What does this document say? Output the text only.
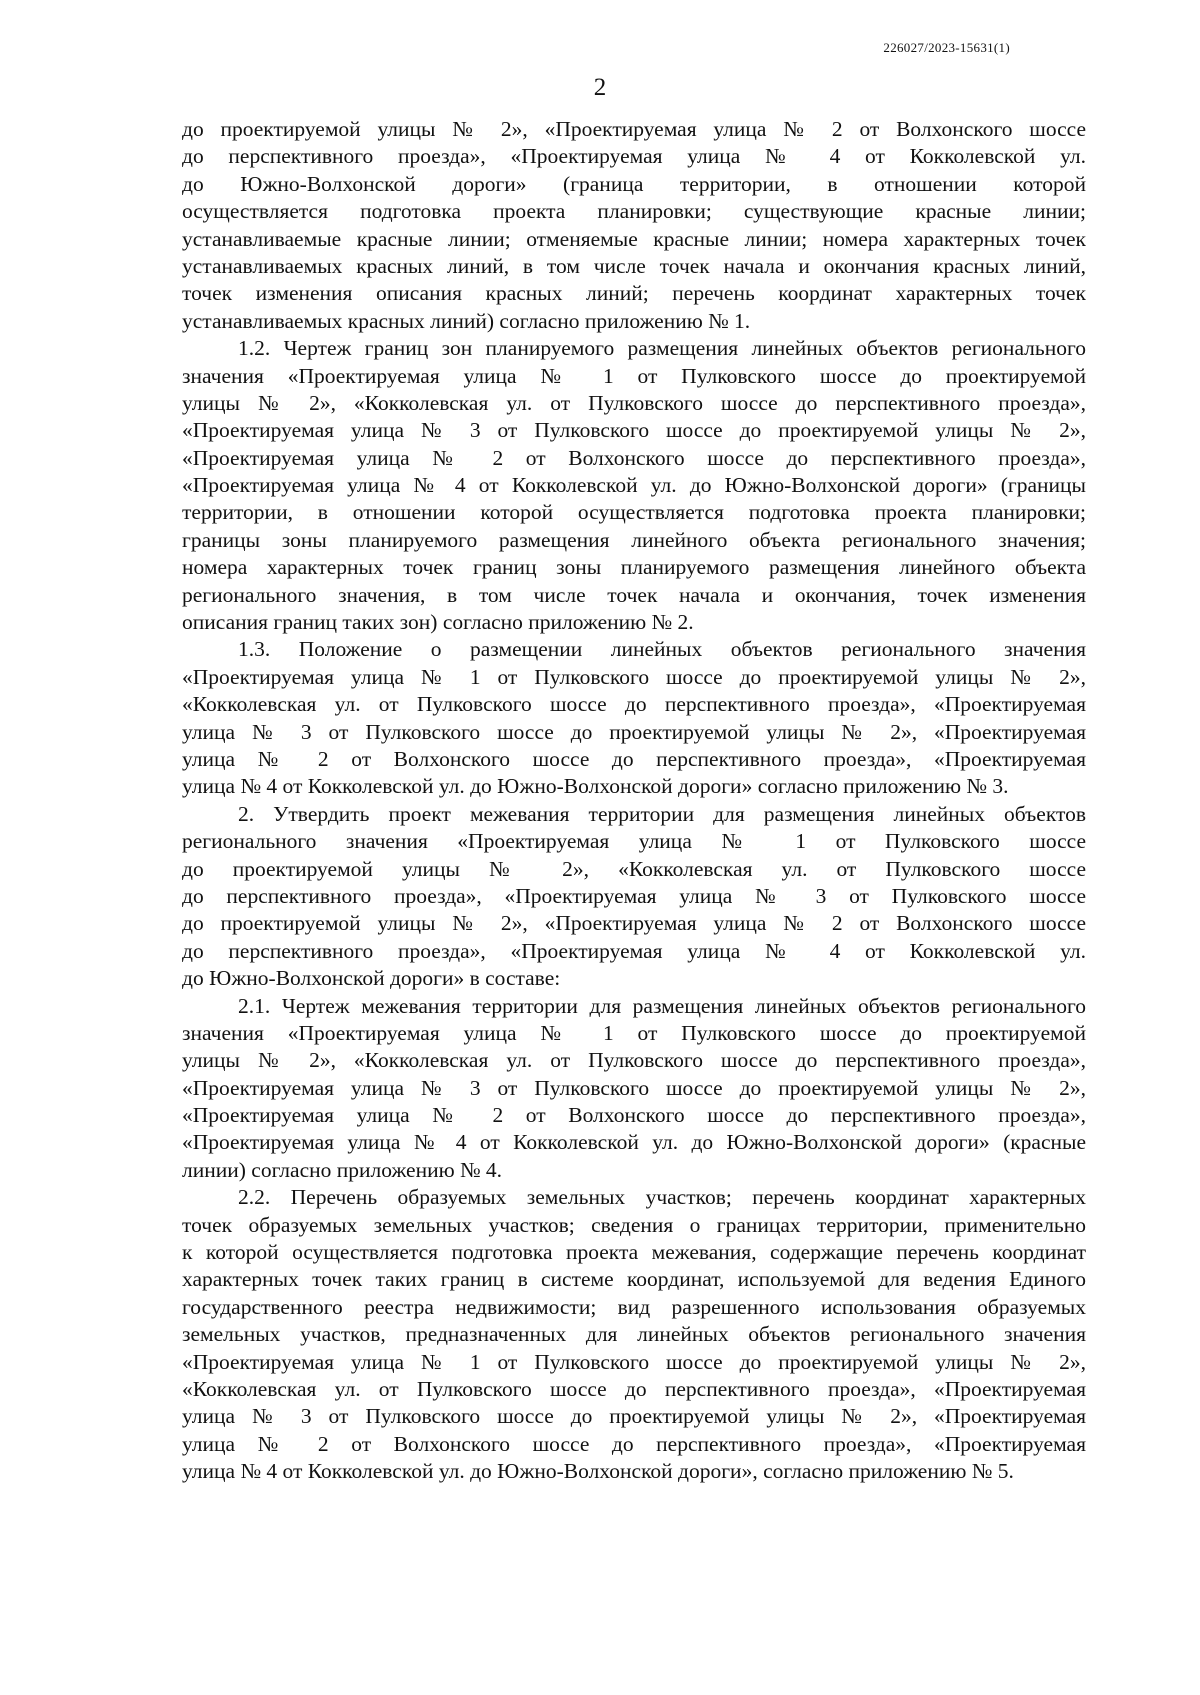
226027/2023-15631(1)
2
до проектируемой улицы № 2», «Проектируемая улица № 2 от Волхонского шоссе
до перспективного проезда», «Проектируемая улица № 4 от Кокколевской ул.
до Южно-Волхонской дороги» (граница территории, в отношении которой
осуществляется подготовка проекта планировки; существующие красные линии;
устанавливаемые красные линии; отменяемые красные линии; номера характерных точек
устанавливаемых красных линий, в том числе точек начала и окончания красных линий,
точек изменения описания красных линий; перечень координат характерных точек
устанавливаемых красных линий) согласно приложению № 1.
1.2. Чертеж границ зон планируемого размещения линейных объектов регионального
значения «Проектируемая улица № 1 от Пулковского шоссе до проектируемой
улицы № 2», «Кокколевская ул. от Пулковского шоссе до перспективного проезда»,
«Проектируемая улица № 3 от Пулковского шоссе до проектируемой улицы № 2»,
«Проектируемая улица № 2 от Волхонского шоссе до перспективного проезда»,
«Проектируемая улица № 4 от Кокколевской ул. до Южно-Волхонской дороги» (границы
территории, в отношении которой осуществляется подготовка проекта планировки;
границы зоны планируемого размещения линейного объекта регионального значения;
номера характерных точек границ зоны планируемого размещения линейного объекта
регионального значения, в том числе точек начала и окончания, точек изменения
описания границ таких зон) согласно приложению № 2.
1.3. Положение о размещении линейных объектов регионального значения
«Проектируемая улица № 1 от Пулковского шоссе до проектируемой улицы № 2»,
«Кокколевская ул. от Пулковского шоссе до перспективного проезда», «Проектируемая
улица № 3 от Пулковского шоссе до проектируемой улицы № 2», «Проектируемая
улица № 2 от Волхонского шоссе до перспективного проезда», «Проектируемая
улица № 4 от Кокколевской ул. до Южно-Волхонской дороги» согласно приложению № 3.
2. Утвердить проект межевания территории для размещения линейных объектов
регионального значения «Проектируемая улица № 1 от Пулковского шоссе
до проектируемой улицы № 2», «Кокколевская ул. от Пулковского шоссе
до перспективного проезда», «Проектируемая улица № 3 от Пулковского шоссе
до проектируемой улицы № 2», «Проектируемая улица № 2 от Волхонского шоссе
до перспективного проезда», «Проектируемая улица № 4 от Кокколевской ул.
до Южно-Волхонской дороги» в составе:
2.1. Чертеж межевания территории для размещения линейных объектов регионального
значения «Проектируемая улица № 1 от Пулковского шоссе до проектируемой
улицы № 2», «Кокколевская ул. от Пулковского шоссе до перспективного проезда»,
«Проектируемая улица № 3 от Пулковского шоссе до проектируемой улицы № 2»,
«Проектируемая улица № 2 от Волхонского шоссе до перспективного проезда»,
«Проектируемая улица № 4 от Кокколевской ул. до Южно-Волхонской дороги» (красные
линии) согласно приложению № 4.
2.2. Перечень образуемых земельных участков; перечень координат характерных
точек образуемых земельных участков; сведения о границах территории, применительно
к которой осуществляется подготовка проекта межевания, содержащие перечень координат
характерных точек таких границ в системе координат, используемой для ведения Единого
государственного реестра недвижимости; вид разрешенного использования образуемых
земельных участков, предназначенных для линейных объектов регионального значения
«Проектируемая улица № 1 от Пулковского шоссе до проектируемой улицы № 2»,
«Кокколевская ул. от Пулковского шоссе до перспективного проезда», «Проектируемая
улица № 3 от Пулковского шоссе до проектируемой улицы № 2», «Проектируемая
улица № 2 от Волхонского шоссе до перспективного проезда», «Проектируемая
улица № 4 от Кокколевской ул. до Южно-Волхонской дороги», согласно приложению № 5.
